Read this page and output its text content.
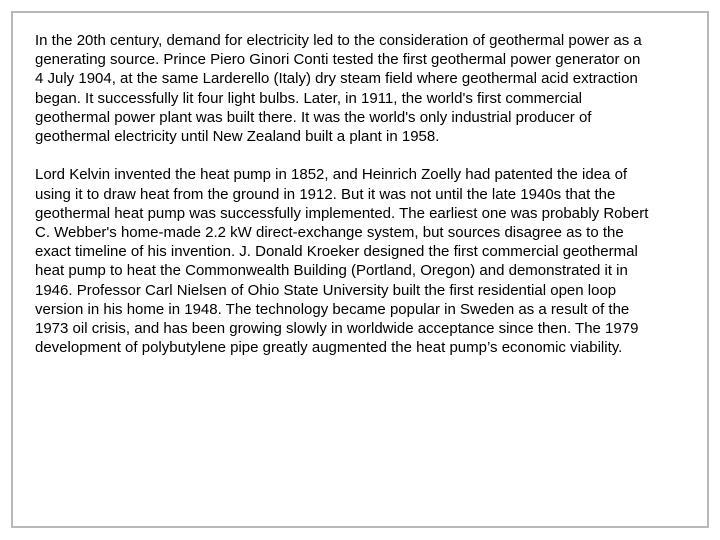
In the 20th century, demand for electricity led to the consideration of geothermal power as a
generating source. Prince Piero Ginori Conti tested the first geothermal power generator on
4 July 1904, at the same Larderello (Italy) dry steam field where geothermal acid extraction
began. It successfully lit four light bulbs. Later, in 1911, the world's first commercial
geothermal power plant was built there. It was the world's only industrial producer of
geothermal electricity until New Zealand built a plant in 1958.

Lord Kelvin invented the heat pump in 1852, and Heinrich Zoelly had patented the idea of
using it to draw heat from the ground in 1912. But it was not until the late 1940s that the
geothermal heat pump was successfully implemented. The earliest one was probably Robert
C. Webber's home-made 2.2 kW direct-exchange system, but sources disagree as to the
exact timeline of his invention. J. Donald Kroeker designed the first commercial geothermal
heat pump to heat the Commonwealth Building (Portland, Oregon) and demonstrated it in
1946. Professor Carl Nielsen of Ohio State University built the first residential open loop
version in his home in 1948. The technology became popular in Sweden as a result of the
1973 oil crisis, and has been growing slowly in worldwide acceptance since then. The 1979
development of polybutylene pipe greatly augmented the heat pump’s economic viability.
